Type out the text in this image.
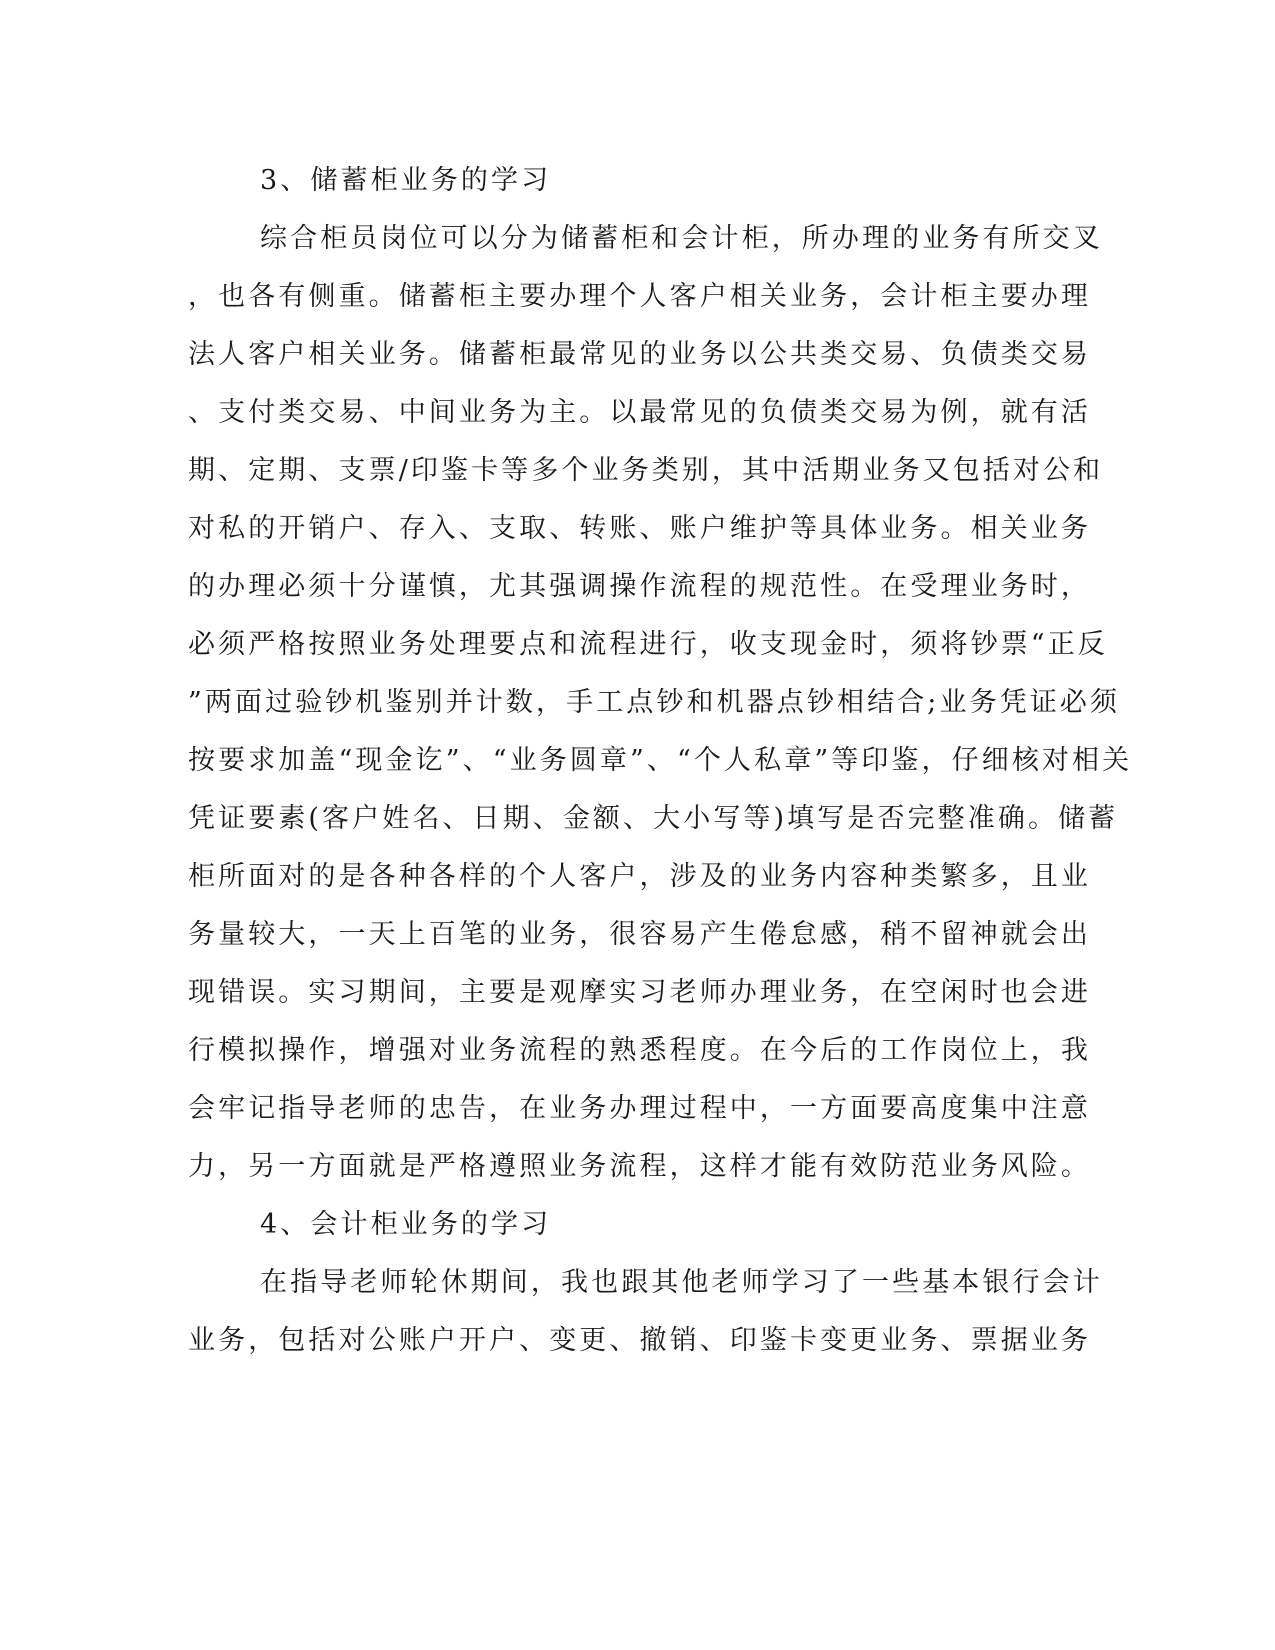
3、储蓄柜业务的学习
综合柜员岗位可以分为储蓄柜和会计柜，所办理的业务有所交叉
，也各有侧重。储蓄柜主要办理个人客户相关业务，会计柜主要办理
法人客户相关业务。储蓄柜最常见的业务以公共类交易、负债类交易
、支付类交易、中间业务为主。以最常见的负债类交易为例，就有活
期、定期、支票/印鉴卡等多个业务类别，其中活期业务又包括对公和
对私的开销户、存入、支取、转账、账户维护等具体业务。相关业务
的办理必须十分谨慎，尤其强调操作流程的规范性。在受理业务时，
必须严格按照业务处理要点和流程进行，收支现金时，须将钞票“正反
”两面过验钞机鉴别并计数，手工点钞和机器点钞相结合;业务凭证必须
按要求加盖“现金讫”、“业务圆章”、“个人私章”等印鉴，仔细核对相关
凭证要素(客户姓名、日期、金额、大小写等)填写是否完整准确。储蓄
柜所面对的是各种各样的个人客户，涉及的业务内容种类繁多，且业
务量较大，一天上百笔的业务，很容易产生倦怠感，稍不留神就会出
现错误。实习期间，主要是观摩实习老师办理业务，在空闲时也会进
行模拟操作，增强对业务流程的熟悉程度。在今后的工作岗位上，我
会牢记指导老师的忠告，在业务办理过程中，一方面要高度集中注意
力，另一方面就是严格遵照业务流程，这样才能有效防范业务风险。
4、会计柜业务的学习
在指导老师轮休期间，我也跟其他老师学习了一些基本银行会计
业务，包括对公账户开户、变更、撤销、印鉴卡变更业务、票据业务
